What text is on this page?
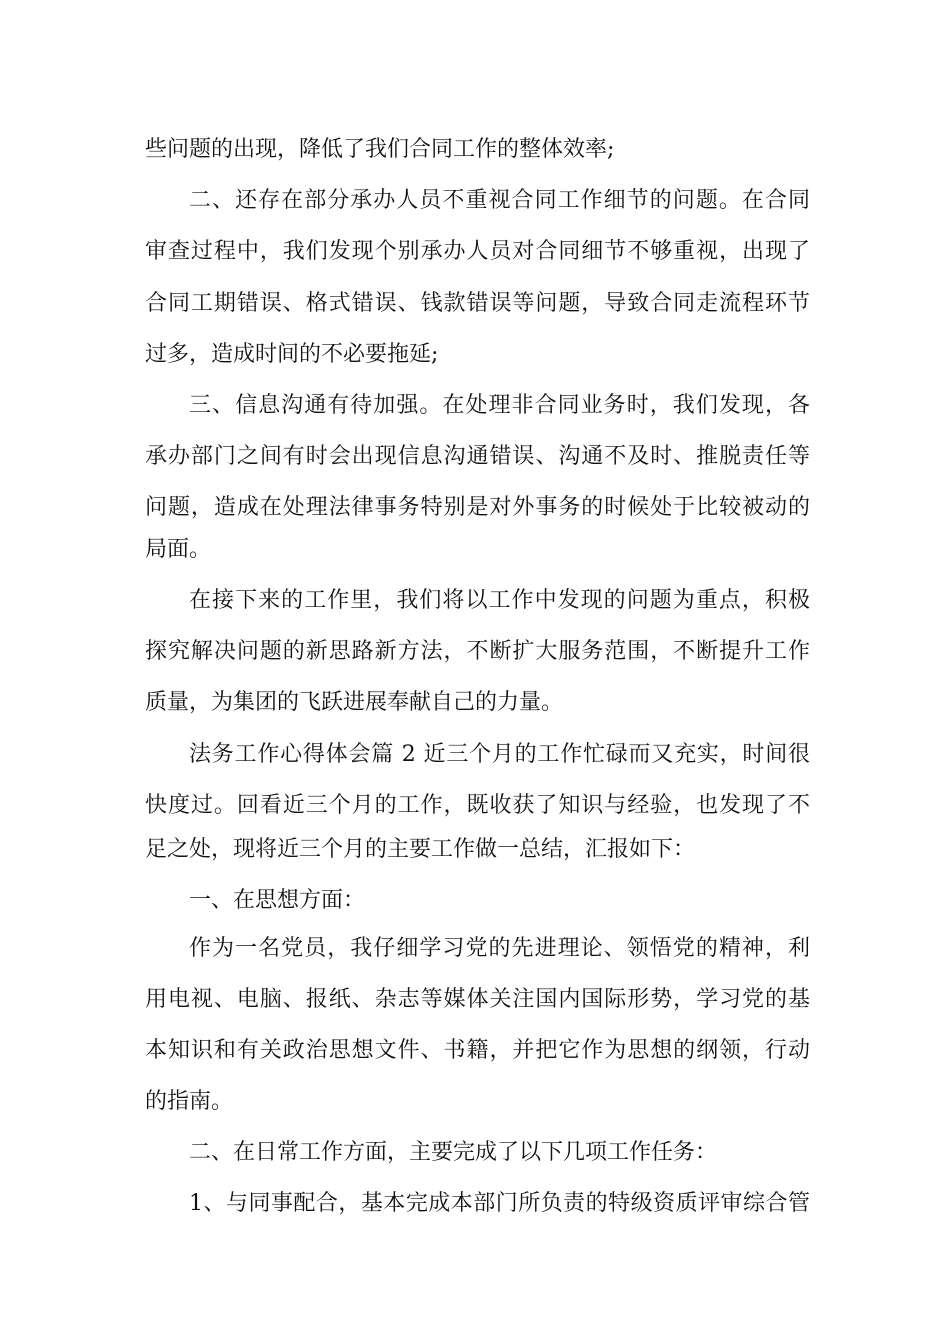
些问题的出现，降低了我们合同工作的整体效率;
二、还存在部分承办人员不重视合同工作细节的问题。在合同
审查过程中，我们发现个别承办人员对合同细节不够重视，出现了
合同工期错误、格式错误、钱款错误等问题，导致合同走流程环节
过多，造成时间的不必要拖延;
三、信息沟通有待加强。在处理非合同业务时，我们发现，各
承办部门之间有时会出现信息沟通错误、沟通不及时、推脱责任等
问题，造成在处理法律事务特别是对外事务的时候处于比较被动的
局面。
在接下来的工作里，我们将以工作中发现的问题为重点，积极
探究解决问题的新思路新方法，不断扩大服务范围，不断提升工作
质量，为集团的飞跃进展奉献自己的力量。
法务工作心得体会篇 2 近三个月的工作忙碌而又充实，时间很
快度过。回看近三个月的工作，既收获了知识与经验，也发现了不
足之处，现将近三个月的主要工作做一总结，汇报如下：
一、在思想方面：
作为一名党员，我仔细学习党的先进理论、领悟党的精神，利
用电视、电脑、报纸、杂志等媒体关注国内国际形势，学习党的基
本知识和有关政治思想文件、书籍，并把它作为思想的纲领，行动
的指南。
二、在日常工作方面，主要完成了以下几项工作任务：
1、与同事配合，基本完成本部门所负责的特级资质评审综合管
